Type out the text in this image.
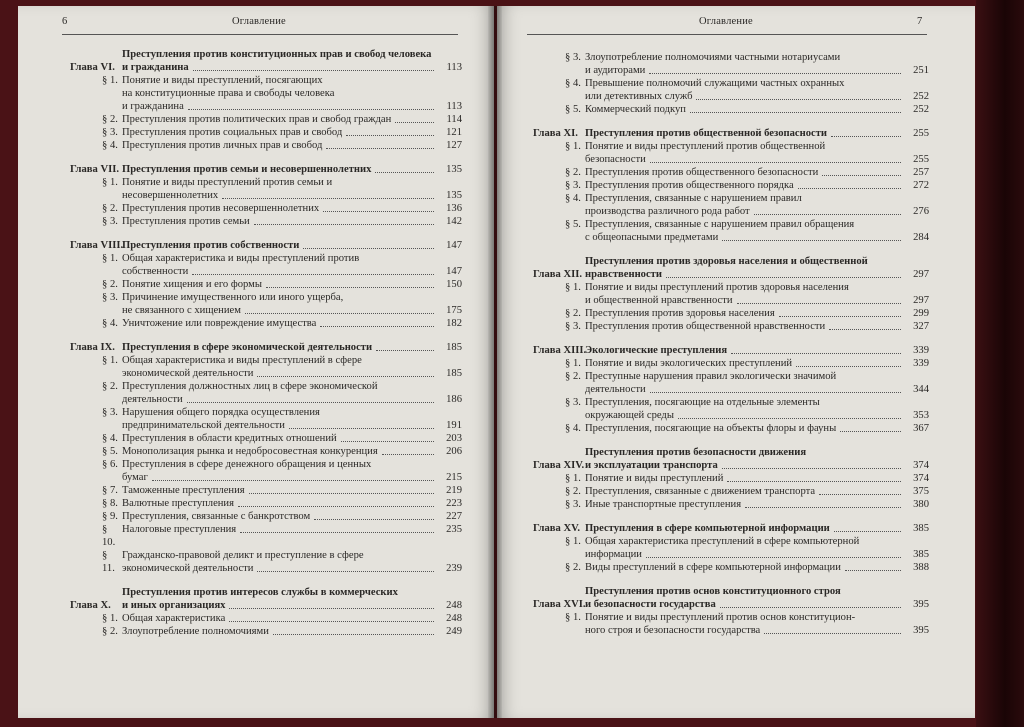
6	Оглавление
Глава VI.
Преступления против конституционных прав и свобод человека
и гражданина	113
§ 1. Понятие и виды преступлений, посягающих
на конституционные права и свободы человека
и гражданина	113
§ 2. Преступления против политических прав и свобод граждан	114
§ 3. Преступления против социальных прав и свобод	121
§ 4. Преступления против личных прав и свобод	127
Глава VII. Преступления против семьи и несовершеннолетних	135
§ 1. Понятие и виды преступлений против семьи и
несовершеннолетних	135
§ 2. Преступления против несовершеннолетних	136
§ 3. Преступления против семьи	142
Глава VIII.
Преступления против собственности	147
§ 1. Общая характеристика и виды преступлений против
собственности	147
§ 2. Понятие хищения и его формы	150
§ 3. Причинение имущественного или иного ущерба,
не связанного с хищением	175
§ 4. Уничтожение или повреждение имущества	182
Глава IX. Преступления в сфере экономической деятельности	185
§ 1. Общая характеристика и виды преступлений в сфере
экономической деятельности	185
§ 2. Преступления должностных лиц в сфере экономической
деятельности	186
§ 3. Нарушения общего порядка осуществления
предпринимательской деятельности	191
§ 4. Преступления в области кредитных отношений	203
§ 5. Монополизация рынка и недобросовестная конкуренция	206
§ 6. Преступления в сфере денежного обращения и ценных
бумаг	215
§ 7. Таможенные преступления	219
§ 8. Валютные преступления	223
§ 9. Преступления, связанные с банкротством	227
§ 10.
Налоговые преступления	235
§ 11.
Гражданско-правовой деликт и преступление в сфере
экономической деятельности	239
Глава X.
Преступления против интересов службы в коммерческих
и иных организациях	248
§ 1. Общая характеристика	248
§ 2. Злоупотребление полномочиями	249
Оглавление	7
§ 3. Злоупотребление полномочиями частными нотариусами
и аудиторами	251
§ 4. Превышение полномочий служащими частных охранных
или детективных служб	252
§ 5. Коммерческий подкуп	252
Глава XI. Преступления против общественной безопасности	255
§ 1. Понятие и виды преступлений против общественной
безопасности	255
§ 2. Преступления против общественного безопасности	257
§ 3. Преступления против общественного порядка	272
§ 4. Преступления, связанные с нарушением правил
производства различного рода работ	276
§ 5. Преступления, связанные с нарушением правил обращения
с общеопасными предметами	284
Глава XII.
Преступления против здоровья населения и общественной
нравственности	297
§ 1. Понятие и виды преступлений против здоровья населения
и общественной нравственности	297
§ 2. Преступления против здоровья населения	299
§ 3. Преступления против общественной нравственности	327
Глава XIII.
Экологические преступления	339
§ 1. Понятие и виды экологических преступлений	339
§ 2. Преступные нарушения правил экологически значимой
деятельности	344
§ 3. Преступления, посягающие на отдельные элементы
окружающей среды	353
§ 4. Преступления, посягающие на объекты флоры и фауны	367
Глава XIV.
Преступления против безопасности движения
и эксплуатации транспорта	374
§ 1. Понятие и виды преступлений	374
§ 2. Преступления, связанные с движением транспорта	375
§ 3. Иные транспортные преступления	380
Глава XV. Преступления в сфере компьютерной информации	385
§ 1. Общая характеристика преступлений в сфере компьютерной
информации	385
§ 2. Виды преступлений в сфере компьютерной информации	388
Глава XVI.
Преступления против основ конституционного строя
и безопасности государства	395
§ 1. Понятие и виды преступлений против основ конституцион-
ного строя и безопасности государства	395
